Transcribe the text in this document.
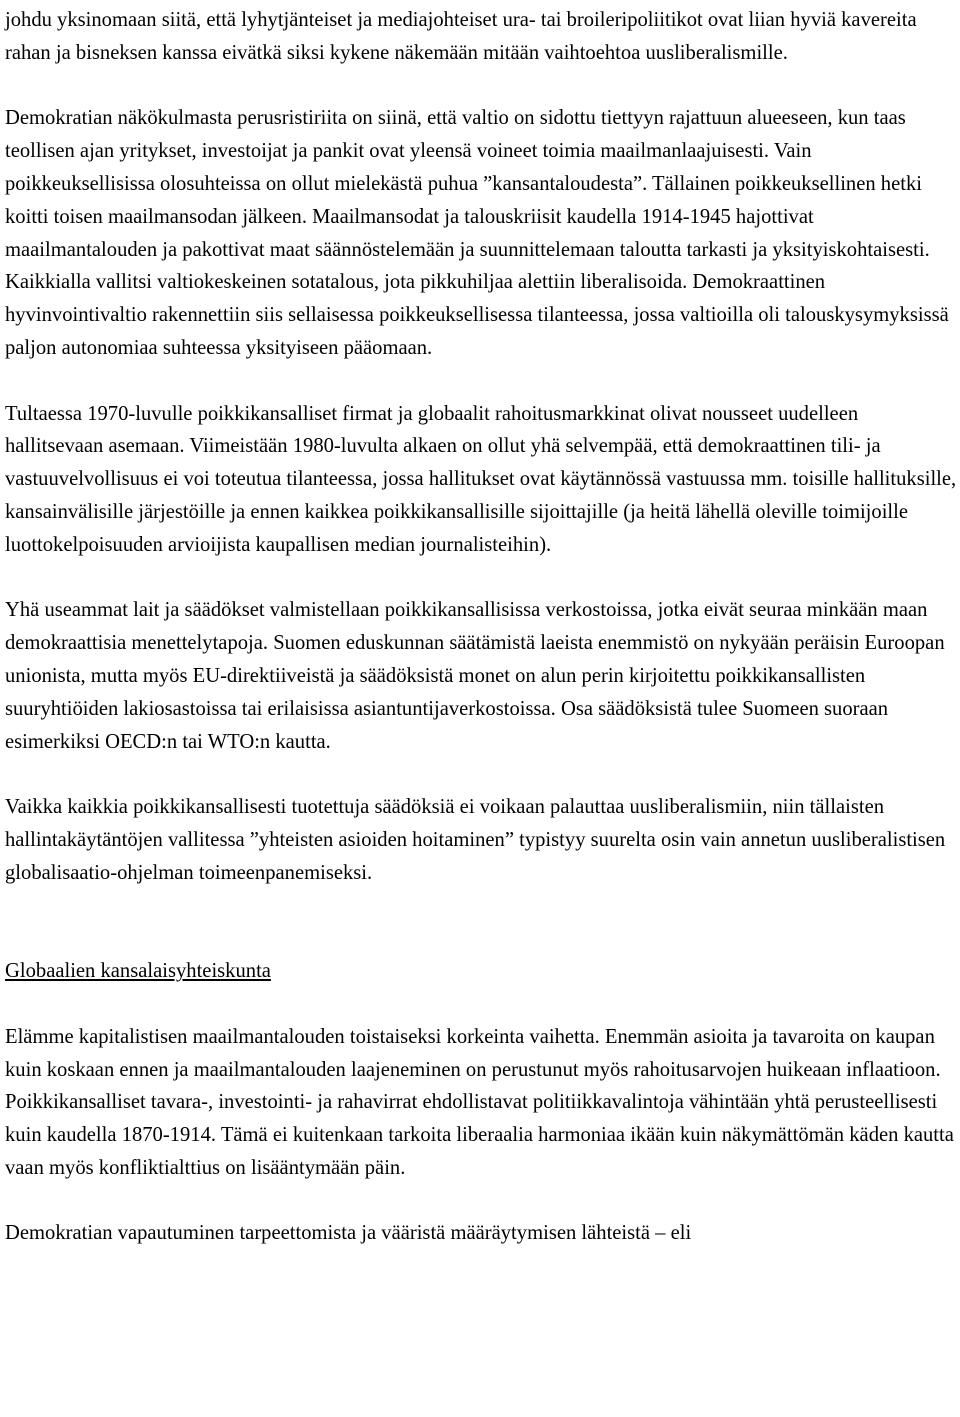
johdu yksinomaan siitä, että lyhytjänteiset ja mediajohteiset ura- tai broileripoliitikot ovat liian hyviä kavereita rahan ja bisneksen kanssa eivätkä siksi kykene näkemään mitään vaihtoehtoa uusliberalismille.

Demokratian näkökulmasta perusristiriita on siinä, että valtio on sidottu tiettyyn rajattuun alueeseen, kun taas teollisen ajan yritykset, investoijat ja pankit ovat yleensä voineet toimia maailmanlaajuisesti. Vain poikkeuksellisissa olosuhteissa on ollut mielekästä puhua ”kansantaloudesta”. Tällainen poikkeuksellinen hetki koitti toisen maailmansodan jälkeen. Maailmansodat ja talouskriisit kaudella 1914-1945 hajottivat maailmantalouden ja pakottivat maat säännöstelemään ja suunnittelemaan taloutta tarkasti ja yksityiskohtaisesti. Kaikkialla vallitsi valtiokeskeinen sotatalous, jota pikkuhiljaa alettiin liberalisoida. Demokraattinen hyvinvointivaltio rakennettiin siis sellaisessa poikkeuksellisessa tilanteessa, jossa valtioilla oli talouskysymyksissä paljon autonomiaa suhteessa yksityiseen pääomaan.

Tultaessa 1970-luvulle poikkikansalliset firmat ja globaalit rahoitusmarkkinat olivat nousseet uudelleen hallitsevaan asemaan. Viimeistään 1980-luvulta alkaen on ollut yhä selvempää, että demokraattinen tili- ja vastuuvelvollisuus ei voi toteutua tilanteessa, jossa hallitukset ovat käytännössä vastuussa mm. toisille hallituksille, kansainvälisille järjestöille ja ennen kaikkea poikkikansallisille sijoittajille (ja heitä lähellä oleville toimijoille luottokelpoisuuden arvioijista kaupallisen median journalisteihin).

Yhä useammat lait ja säädökset valmistellaan poikkikansallisissa verkostoissa, jotka eivät seuraa minkään maan demokraattisia menettelytapoja. Suomen eduskunnan säätämistä laeista enemmistö on nykyään peräisin Euroopan unionista, mutta myös EU-direktiiveistä ja säädöksistä monet on alun perin kirjoitettu poikkikansallisten suuryhtiöiden lakiosastoissa tai erilaisissa asiantuntijaverkostoissa. Osa säädöksistä tulee Suomeen suoraan esimerkiksi OECD:n tai WTO:n kautta.

Vaikka kaikkia poikkikansallisesti tuotettuja säädöksiä ei voikaan palauttaa uusliberalismiin, niin tällaisten hallintakäytäntöjen vallitessa ”yhteisten asioiden hoitaminen” typistyy suurelta osin vain annetun uusliberalistisen globalisaatio-ohjelman toimeenpanemiseksi.

Globaalien kansalaisyhteiskunta

Elämme kapitalistisen maailmantalouden toistaiseksi korkeinta vaihetta. Enemmän asioita ja tavaroita on kaupan kuin koskaan ennen ja maailmantalouden laajeneminen on perustunut myös rahoitusarvojen huikeaan inflaatioon. Poikkikansalliset tavara-, investointi- ja rahavirrat ehdollistavat politiikkavalintoja vähintään yhtä perusteellisesti kuin kaudella 1870-1914. Tämä ei kuitenkaan tarkoita liberaalia harmoniaa ikään kuin näkymättömän käden kautta vaan myös konfliktialttius on lisääntymään päin.

Demokratian vapautuminen tarpeettomista ja vääristä määräytymisen lähteistä – eli
